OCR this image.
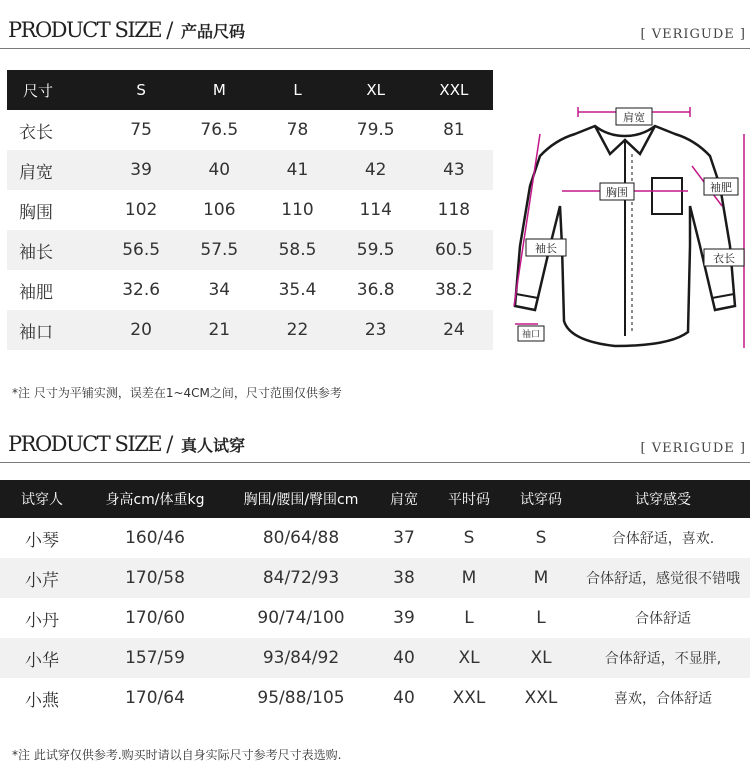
PRODUCT SIZE / 产品尺码	[ VERIGUDE ]
尺寸	S	M	L	XL	XXL
衣长	75	76.5	78	79.5	81
肩宽	39	40	41	42	43
胸围	102	106	110	114	118
袖长	56.5	57.5	58.5	59.5	60.5
袖肥	32.6	34	35.4	36.8	38.2
袖口	20	21	22	23	24
肩宽
胸围	袖肥
袖长
衣长
袖口
*注 尺寸为平铺实测，误差在1~4CM之间，尺寸范围仅供参考
PRODUCT SIZE / 真人试穿	[ VERIGUDE ]
试穿人	身高cm/体重kg	胸围/腰围/臀围cm	肩宽	平时码	试穿码	试穿感受
小琴	160/46	80/64/88	37	S	S	合体舒适，喜欢.
小芹	170/58	84/72/93	38	M	M	合体舒适，感觉很不错哦
小丹	170/60	90/74/100	39	L	L	合体舒适
小华	157/59	93/84/92	40	XL	XL	合体舒适，不显胖,
小燕	170/64	95/88/105	40	XXL	XXL	喜欢，合体舒适
*注 此试穿仅供参考.购买时请以自身实际尺寸参考尺寸表选购.
